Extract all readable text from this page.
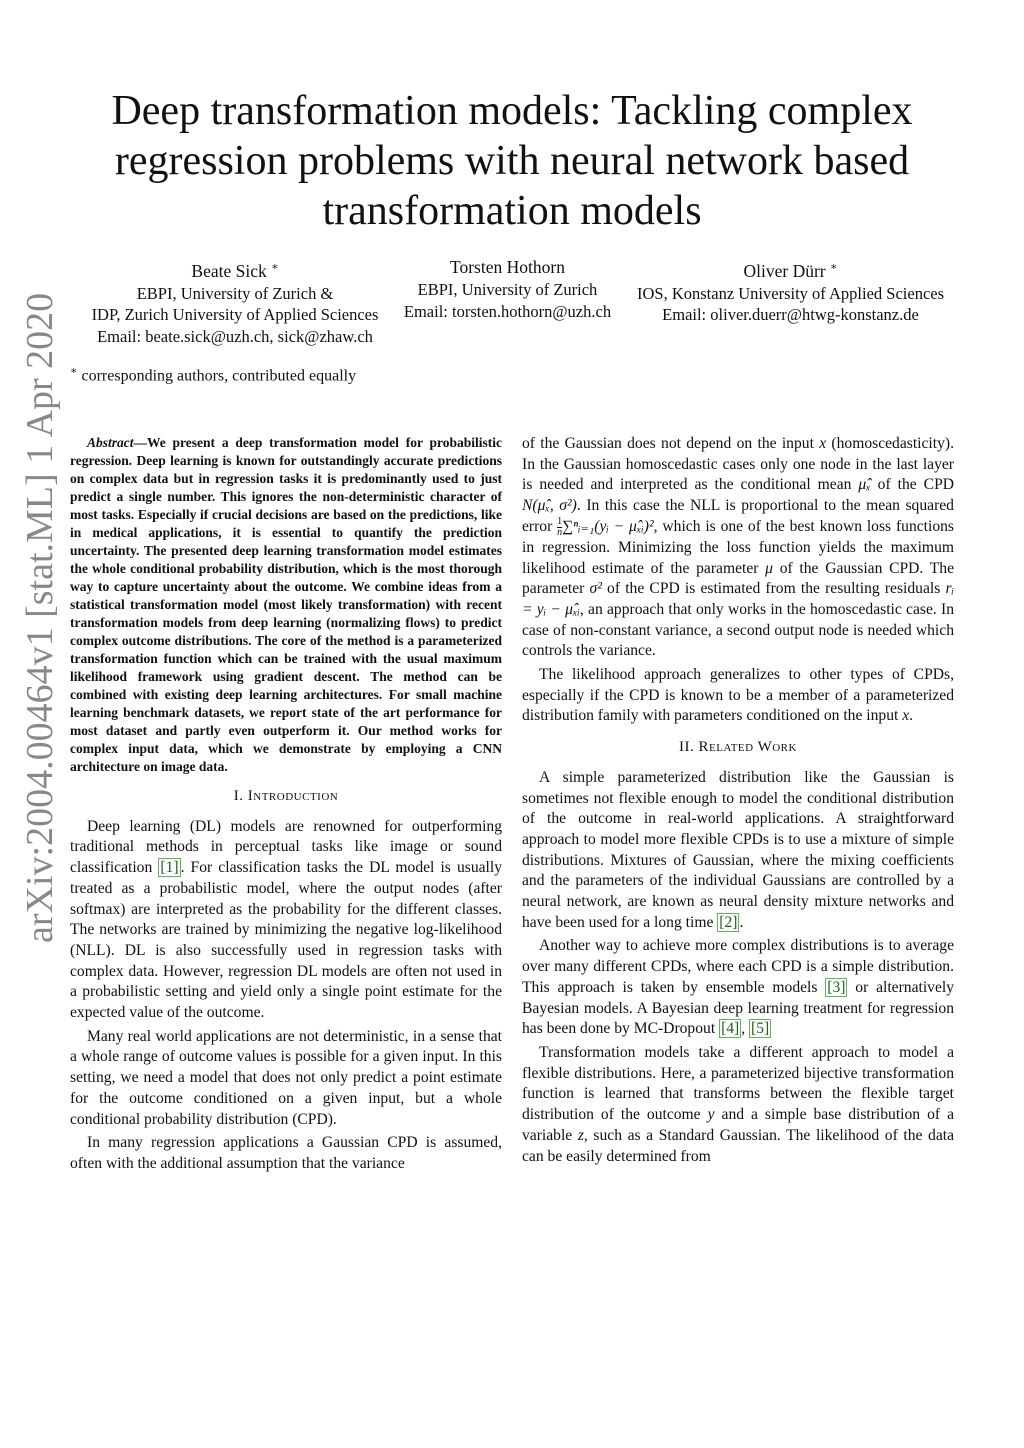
arXiv:2004.00464v1 [stat.ML] 1 Apr 2020
Deep transformation models: Tackling complex regression problems with neural network based transformation models
Beate Sick ∗
EBPI, University of Zurich &
IDP, Zurich University of Applied Sciences
Email: beate.sick@uzh.ch, sick@zhaw.ch
Torsten Hothorn
EBPI, University of Zurich
Email: torsten.hothorn@uzh.ch
Oliver Dürr ∗
IOS, Konstanz University of Applied Sciences
Email: oliver.duerr@htwg-konstanz.de
∗ corresponding authors, contributed equally

Abstract—We present a deep transformation model for probabilistic regression. Deep learning is known for outstandingly accurate predictions on complex data but in regression tasks it is predominantly used to just predict a single number. This ignores the non-deterministic character of most tasks. Especially if crucial decisions are based on the predictions, like in medical applications, it is essential to quantify the prediction uncertainty. The presented deep learning transformation model estimates the whole conditional probability distribution, which is the most thorough way to capture uncertainty about the outcome. We combine ideas from a statistical transformation model (most likely transformation) with recent transformation models from deep learning (normalizing flows) to predict complex outcome distributions. The core of the method is a parameterized transformation function which can be trained with the usual maximum likelihood framework using gradient descent. The method can be combined with existing deep learning architectures. For small machine learning benchmark datasets, we report state of the art performance for most dataset and partly even outperform it. Our method works for complex input data, which we demonstrate by employing a CNN architecture on image data.

I. Introduction

Deep learning (DL) models are renowned for outperforming traditional methods in perceptual tasks like image or sound classification [1] . For classification tasks the DL model is usually treated as a probabilistic model, where the output nodes (after softmax) are interpreted as the probability for the different classes. The networks are trained by minimizing the negative log-likelihood (NLL). DL is also successfully used in regression tasks with complex data. However, regression DL models are often not used in a probabilistic setting and yield only a single point estimate for the expected value of the outcome.

Many real world applications are not deterministic, in a sense that a whole range of outcome values is possible for a given input. In this setting, we need a model that does not only predict a point estimate for the outcome conditioned on a given input, but a whole conditional probability distribution (CPD).

In many regression applications a Gaussian CPD is assumed, often with the additional assumption that the variance

of the Gaussian does not depend on the input x (homoscedasticity). In the Gaussian homoscedastic cases only one node in the last layer is needed and interpreted as the conditional mean μ̂ₓ of the CPD N(μ̂ₓ, σ²). In this case the NLL is proportional to the mean squared error $\frac{1}{n}$ ∑ⁿᵢ₌₁(yᵢ − μ̂ₓᵢ)², which is one of the best known loss functions in regression. Minimizing the loss function yields the maximum likelihood estimate of the parameter μ of the Gaussian CPD. The parameter σ² of the CPD is estimated from the resulting residuals rᵢ = yᵢ − μ̂ₓᵢ, an approach that only works in the homoscedastic case. In case of non-constant variance, a second output node is needed which controls the variance.

The likelihood approach generalizes to other types of CPDs, especially if the CPD is known to be a member of a parameterized distribution family with parameters conditioned on the input x.

II. Related Work

A simple parameterized distribution like the Gaussian is sometimes not flexible enough to model the conditional distribution of the outcome in real-world applications. A straightforward approach to model more flexible CPDs is to use a mixture of simple distributions. Mixtures of Gaussian, where the mixing coefficients and the parameters of the individual Gaussians are controlled by a neural network, are known as neural density mixture networks and have been used for a long time [2] .

Another way to achieve more complex distributions is to average over many different CPDs, where each CPD is a simple distribution. This approach is taken by ensemble models [3] or alternatively Bayesian models. A Bayesian deep learning treatment for regression has been done by MC-Dropout [4] , [5]

Transformation models take a different approach to model a flexible distributions. Here, a parameterized bijective transformation function is learned that transforms between the flexible target distribution of the outcome y and a simple base distribution of a variable z, such as a Standard Gaussian. The likelihood of the data can be easily determined from
